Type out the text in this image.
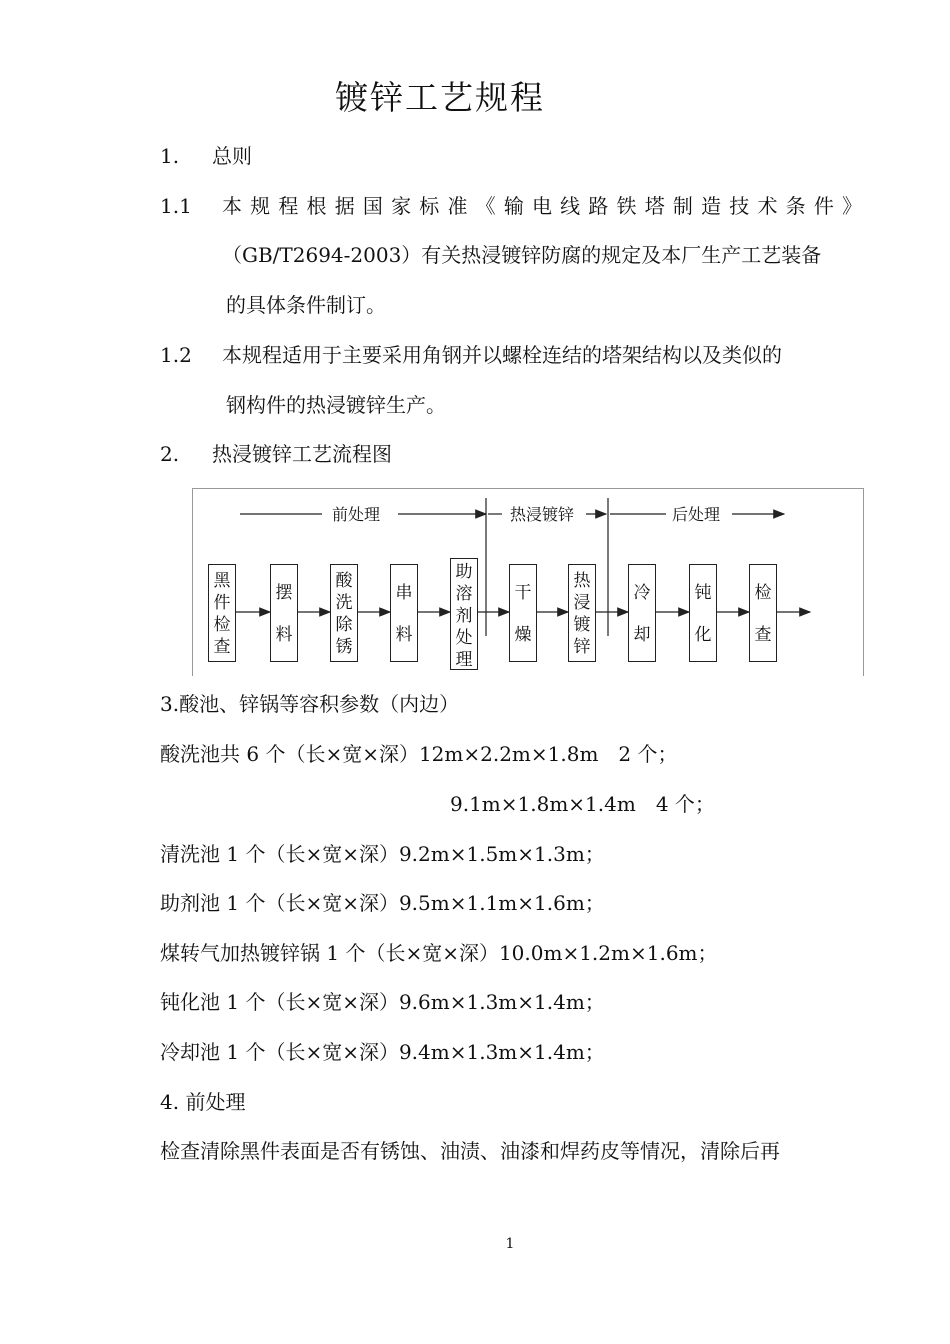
镀锌工艺规程
1. 总则
1.1 本规程根据国家标准《输电线路铁塔制造技术条件》
（GB/T2694-2003）有关热浸镀锌防腐的规定及本厂生产工艺装备
的具体条件制订。
1.2 本规程适用于主要采用角钢并以螺栓连结的塔架结构以及类似的
钢构件的热浸镀锌生产。
2. 热浸镀锌工艺流程图
前处理	热浸镀锌	后处理
黑
件
检
查
摆
料
酸
洗
除
锈
串
料
助
溶
剂
处
理
干
燥
热
浸
镀
锌
冷
却
钝
化
检
查
3.酸池、锌锅等容积参数（内边）
酸洗池共 6 个（长×宽×深）12m×2.2m×1.8m　2 个；
9.1m×1.8m×1.4m　4 个；
清洗池 1 个（长×宽×深）9.2m×1.5m×1.3m；
助剂池 1 个（长×宽×深）9.5m×1.1m×1.6m；
煤转气加热镀锌锅 1 个（长×宽×深）10.0m×1.2m×1.6m；
钝化池 1 个（长×宽×深）9.6m×1.3m×1.4m；
冷却池 1 个（长×宽×深）9.4m×1.3m×1.4m；
4. 前处理
检查清除黑件表面是否有锈蚀、油渍、油漆和焊药皮等情况，清除后再
1
